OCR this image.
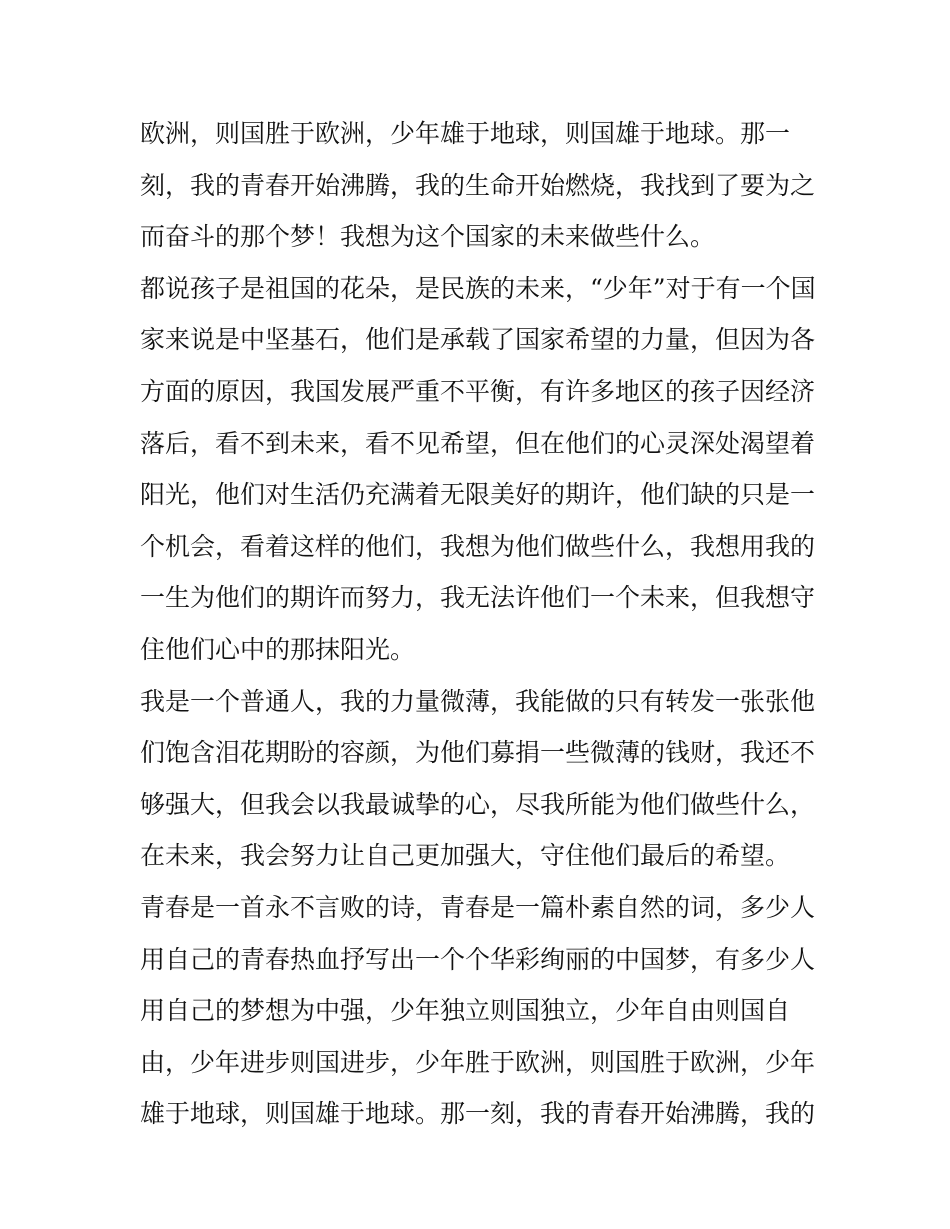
欧洲，则国胜于欧洲，少年雄于地球，则国雄于地球。那一

刻，我的青春开始沸腾，我的生命开始燃烧，我找到了要为之

而奋斗的那个梦！我想为这个国家的未来做些什么。

都说孩子是祖国的花朵，是民族的未来，“少年”对于有一个国

家来说是中坚基石，他们是承载了国家希望的力量，但因为各

方面的原因，我国发展严重不平衡，有许多地区的孩子因经济

落后，看不到未来，看不见希望，但在他们的心灵深处渴望着

阳光，他们对生活仍充满着无限美好的期许，他们缺的只是一

个机会，看着这样的他们，我想为他们做些什么，我想用我的

一生为他们的期许而努力，我无法许他们一个未来，但我想守

住他们心中的那抹阳光。

我是一个普通人，我的力量微薄，我能做的只有转发一张张他

们饱含泪花期盼的容颜，为他们募捐一些微薄的钱财，我还不

够强大，但我会以我最诚挚的心，尽我所能为他们做些什么，

在未来，我会努力让自己更加强大，守住他们最后的希望。

青春是一首永不言败的诗，青春是一篇朴素自然的词，多少人

用自己的青春热血抒写出一个个华彩绚丽的中国梦，有多少人

用自己的梦想为中强，少年独立则国独立，少年自由则国自

由，少年进步则国进步，少年胜于欧洲，则国胜于欧洲，少年

雄于地球，则国雄于地球。那一刻，我的青春开始沸腾，我的
